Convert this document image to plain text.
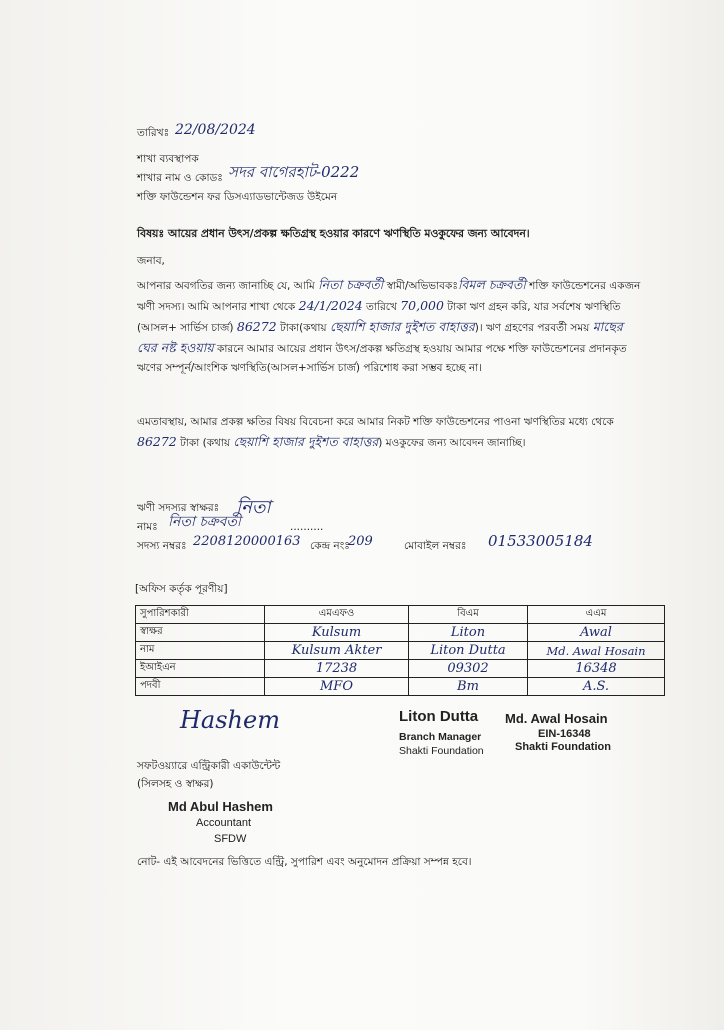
তারিখঃ 22/08/2024
শাখা ব্যবস্থাপক
শাখার নাম ও কোডঃ সদর বাগেরহাট-0222
শক্তি ফাউন্ডেশন ফর ডিসএ্যাডভান্টেজড উইমেন
বিষয়ঃ আয়ের প্রধান উৎস/প্রকল্প ক্ষতিগ্রস্থ হওয়ার কারণে ঋণস্থিতি মওকুফের জন্য আবেদন।
জনাব,
আপনার অবগতির জন্য জানাচ্ছি যে, আমি নিতা চক্রবর্তী স্বামী/অভিভাবকঃবিমল চক্রবর্তী শক্তি ফাউন্ডেশনের একজন ঋণী সদস্য। আমি আপনার শাখা থেকে 24/1/2024 তারিখে 70,000 টাকা ঋণ গ্রহন করি, যার সর্বশেষ ঋণস্থিতি (আসল+ সার্ভিস চার্জ) 86272 টাকা(কথায় ছেয়াশি হাজার দুইশত বাহাত্তর)। ঋণ গ্রহণের পরবর্তী সময় মাছের ঘের নষ্ট হওয়ায় কারনে আমার আয়ের প্রধান উৎস/প্রকল্প ক্ষতিগ্রস্থ হওয়ায় আমার পক্ষে শক্তি ফাউন্ডেশনের প্রদানকৃত ঋণের সম্পূর্ন/আংশিক ঋণস্থিতি(আসল+সার্ভিস চার্জ) পরিশোধ করা সম্ভব হচ্ছে না।
এমতাবস্থায়, আমার প্রকল্প ক্ষতির বিষয় বিবেচনা করে আমার নিকট শক্তি ফাউন্ডেশনের পাওনা ঋণস্থিতির মধ্যে থেকে 86272 টাকা (কথায় ছেয়াশি হাজার দুইশত বাহাত্তর) মওকুফের জন্য আবেদন জানাচ্ছি।
ঋণী সদস্যর স্বাক্ষরঃ নিতা
নামঃ নিতা চক্রবর্তী	..........
সদস্য নম্বরঃ 2208120000163 কেন্দ্র নংঃ
209	মোবাইল নম্বরঃ 01533005184
[অফিস কর্তৃক পূরণীয়]
সুপারিশকারী	এমএফও	বিএম	এএম
স্বাক্ষর	Kulsum	Liton	Awal
নাম	Kulsum Akter	Liton Dutta	Md. Awal Hosain
ইআইএন	17238	09302	16348
পদবী	MFO	Bm	A.S.
Hashem	Liton Dutta
Branch Manager
Shakti Foundation
Md. Awal Hosain
EIN-16348
Shakti Foundation
সফটওয়্যারে এন্ট্রিকারী একাউন্টেন্ট
(সিলসহ ও স্বাক্ষর)
Md Abul Hashem
Accountant
SFDW
নোট- এই আবেদনের ভিত্তিতে এন্ট্রি, সুপারিশ এবং অনুমোদন প্রক্রিয়া সম্পন্ন হবে।
